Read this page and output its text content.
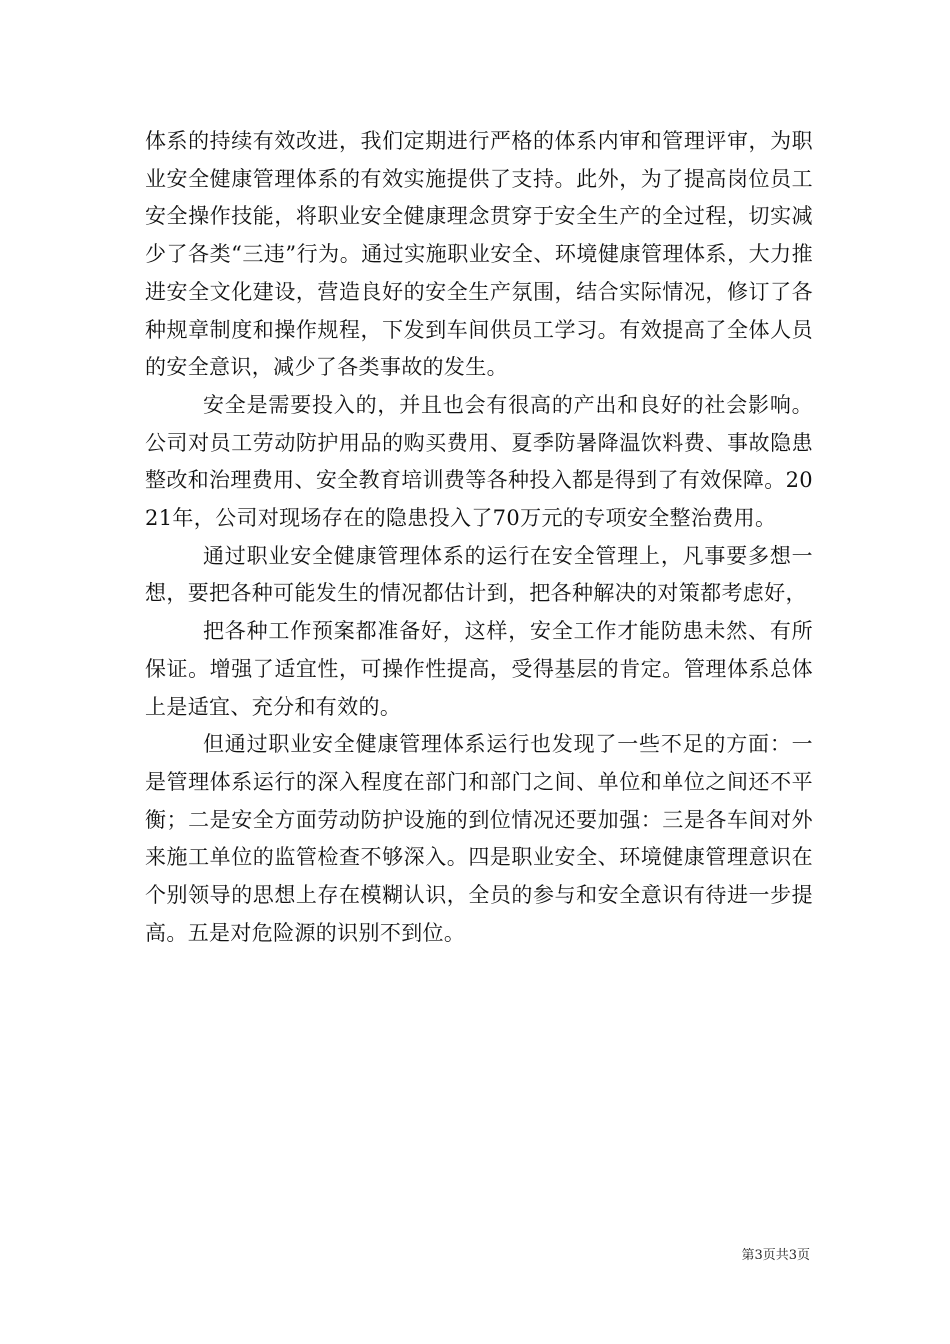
体系的持续有效改进，我们定期进行严格的体系内审和管理评审，为职业安全健康管理体系的有效实施提供了支持。此外，为了提高岗位员工安全操作技能，将职业安全健康理念贯穿于安全生产的全过程，切实减少了各类“三违”行为。通过实施职业安全、环境健康管理体系，大力推进安全文化建设，营造良好的安全生产氛围，结合实际情况，修订了各种规章制度和操作规程，下发到车间供员工学习。有效提高了全体人员的安全意识，减少了各类事故的发生。

安全是需要投入的，并且也会有很高的产出和良好的社会影响。公司对员工劳动防护用品的购买费用、夏季防暑降温饮料费、事故隐患整改和治理费用、安全教育培训费等各种投入都是得到了有效保障。2021年，公司对现场存在的隐患投入了70万元的专项安全整治费用。

通过职业安全健康管理体系的运行在安全管理上，凡事要多想一想，要把各种可能发生的情况都估计到，把各种解决的对策都考虑好，

把各种工作预案都准备好，这样，安全工作才能防患未然、有所保证。增强了适宜性，可操作性提高，受得基层的肯定。管理体系总体上是适宜、充分和有效的。

但通过职业安全健康管理体系运行也发现了一些不足的方面：一是管理体系运行的深入程度在部门和部门之间、单位和单位之间还不平衡；二是安全方面劳动防护设施的到位情况还要加强：三是各车间对外来施工单位的监管检查不够深入。四是职业安全、环境健康管理意识在个别领导的思想上存在模糊认识，全员的参与和安全意识有待进一步提高。五是对危险源的识别不到位。

第3页共3页
